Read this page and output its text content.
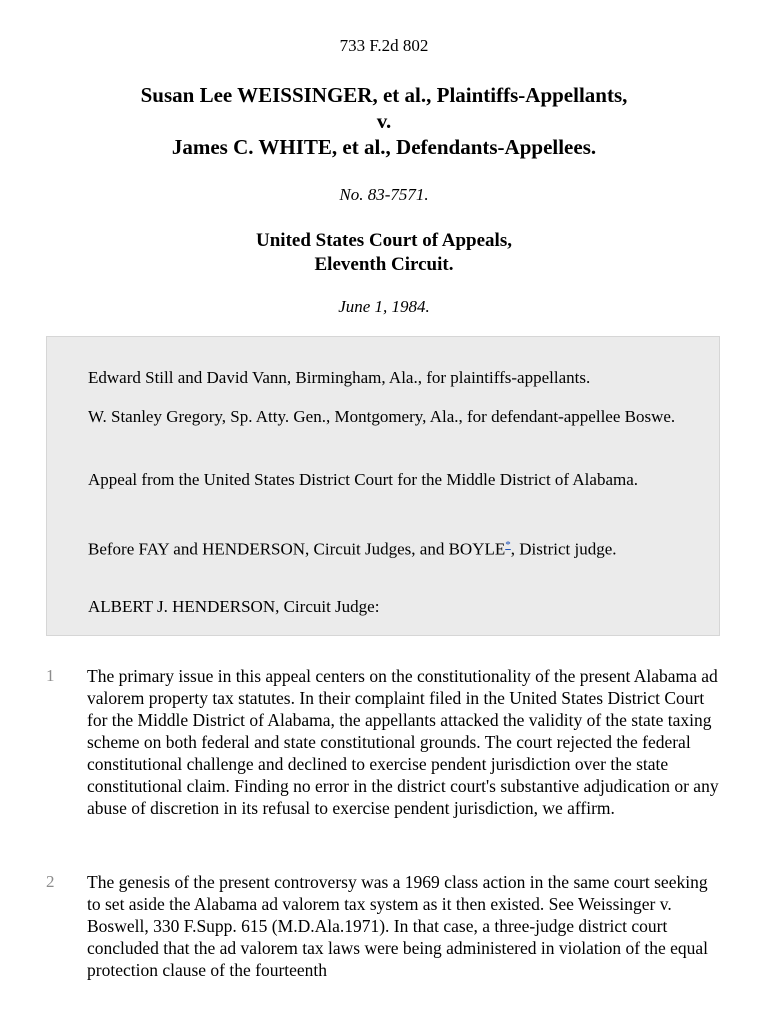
733 F.2d 802
Susan Lee WEISSINGER, et al., Plaintiffs-Appellants,
v.
James C. WHITE, et al., Defendants-Appellees.
No. 83-7571.
United States Court of Appeals,
Eleventh Circuit.
June 1, 1984.

Edward Still and David Vann, Birmingham, Ala., for plaintiffs-appellants.

W. Stanley Gregory, Sp. Atty. Gen., Montgomery, Ala., for defendant-appellee Boswe.

Appeal from the United States District Court for the Middle District of Alabama.

Before FAY and HENDERSON, Circuit Judges, and BOYLE*, District judge.

ALBERT J. HENDERSON, Circuit Judge:

1 The primary issue in this appeal centers on the constitutionality of the present Alabama ad valorem property tax statutes. In their complaint filed in the United States District Court for the Middle District of Alabama, the appellants attacked the validity of the state taxing scheme on both federal and state constitutional grounds. The court rejected the federal constitutional challenge and declined to exercise pendent jurisdiction over the state constitutional claim. Finding no error in the district court's substantive adjudication or any abuse of discretion in its refusal to exercise pendent jurisdiction, we affirm.

2 The genesis of the present controversy was a 1969 class action in the same court seeking to set aside the Alabama ad valorem tax system as it then existed. See Weissinger v. Boswell, 330 F.Supp. 615 (M.D.Ala.1971). In that case, a three-judge district court concluded that the ad valorem tax laws were being administered in violation of the equal protection clause of the fourteenth
